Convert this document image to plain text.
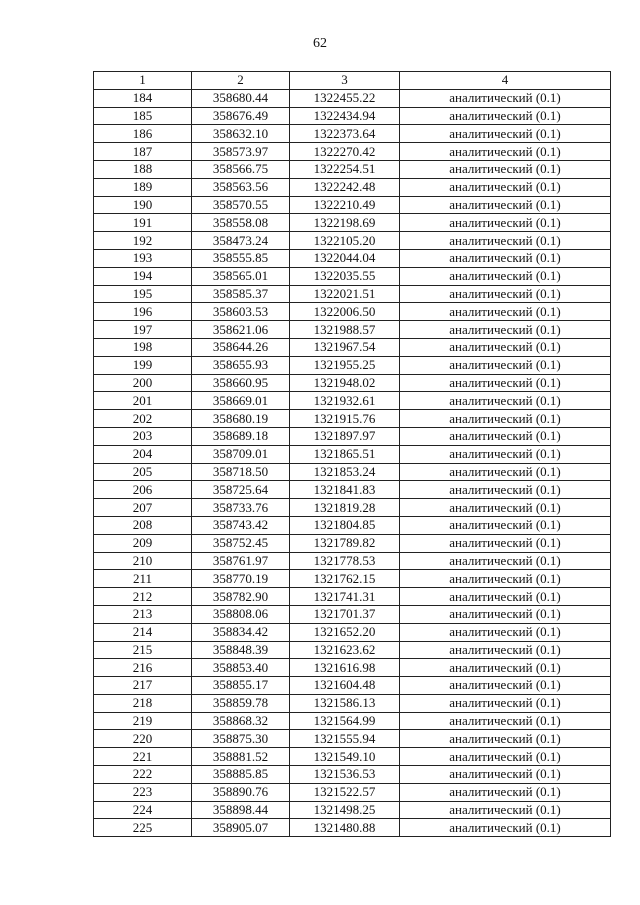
62
1	2	3	4
184	358680.44	1322455.22	аналитический (0.1)
185	358676.49	1322434.94	аналитический (0.1)
186	358632.10	1322373.64	аналитический (0.1)
187	358573.97	1322270.42	аналитический (0.1)
188	358566.75	1322254.51	аналитический (0.1)
189	358563.56	1322242.48	аналитический (0.1)
190	358570.55	1322210.49	аналитический (0.1)
191	358558.08	1322198.69	аналитический (0.1)
192	358473.24	1322105.20	аналитический (0.1)
193	358555.85	1322044.04	аналитический (0.1)
194	358565.01	1322035.55	аналитический (0.1)
195	358585.37	1322021.51	аналитический (0.1)
196	358603.53	1322006.50	аналитический (0.1)
197	358621.06	1321988.57	аналитический (0.1)
198	358644.26	1321967.54	аналитический (0.1)
199	358655.93	1321955.25	аналитический (0.1)
200	358660.95	1321948.02	аналитический (0.1)
201	358669.01	1321932.61	аналитический (0.1)
202	358680.19	1321915.76	аналитический (0.1)
203	358689.18	1321897.97	аналитический (0.1)
204	358709.01	1321865.51	аналитический (0.1)
205	358718.50	1321853.24	аналитический (0.1)
206	358725.64	1321841.83	аналитический (0.1)
207	358733.76	1321819.28	аналитический (0.1)
208	358743.42	1321804.85	аналитический (0.1)
209	358752.45	1321789.82	аналитический (0.1)
210	358761.97	1321778.53	аналитический (0.1)
211	358770.19	1321762.15	аналитический (0.1)
212	358782.90	1321741.31	аналитический (0.1)
213	358808.06	1321701.37	аналитический (0.1)
214	358834.42	1321652.20	аналитический (0.1)
215	358848.39	1321623.62	аналитический (0.1)
216	358853.40	1321616.98	аналитический (0.1)
217	358855.17	1321604.48	аналитический (0.1)
218	358859.78	1321586.13	аналитический (0.1)
219	358868.32	1321564.99	аналитический (0.1)
220	358875.30	1321555.94	аналитический (0.1)
221	358881.52	1321549.10	аналитический (0.1)
222	358885.85	1321536.53	аналитический (0.1)
223	358890.76	1321522.57	аналитический (0.1)
224	358898.44	1321498.25	аналитический (0.1)
225	358905.07	1321480.88	аналитический (0.1)
